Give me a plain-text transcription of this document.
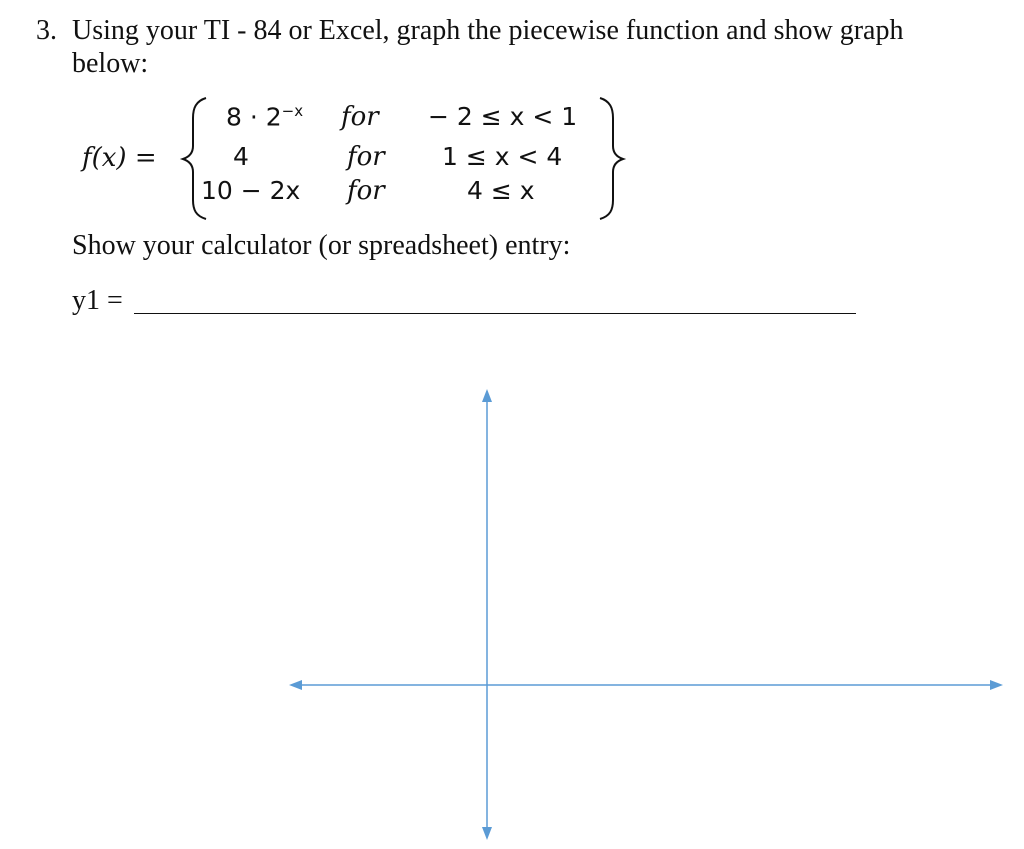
3. Using your TI - 84 or Excel, graph the piecewise function and show graph below:
f(x) =
$8 \cdot 2^{-x}$ for − 2 ≤ x < 1
4	for 1 ≤ x < 4
10 − 2x for	4 ≤ x
Show your calculator (or spreadsheet) entry:
y1 =
